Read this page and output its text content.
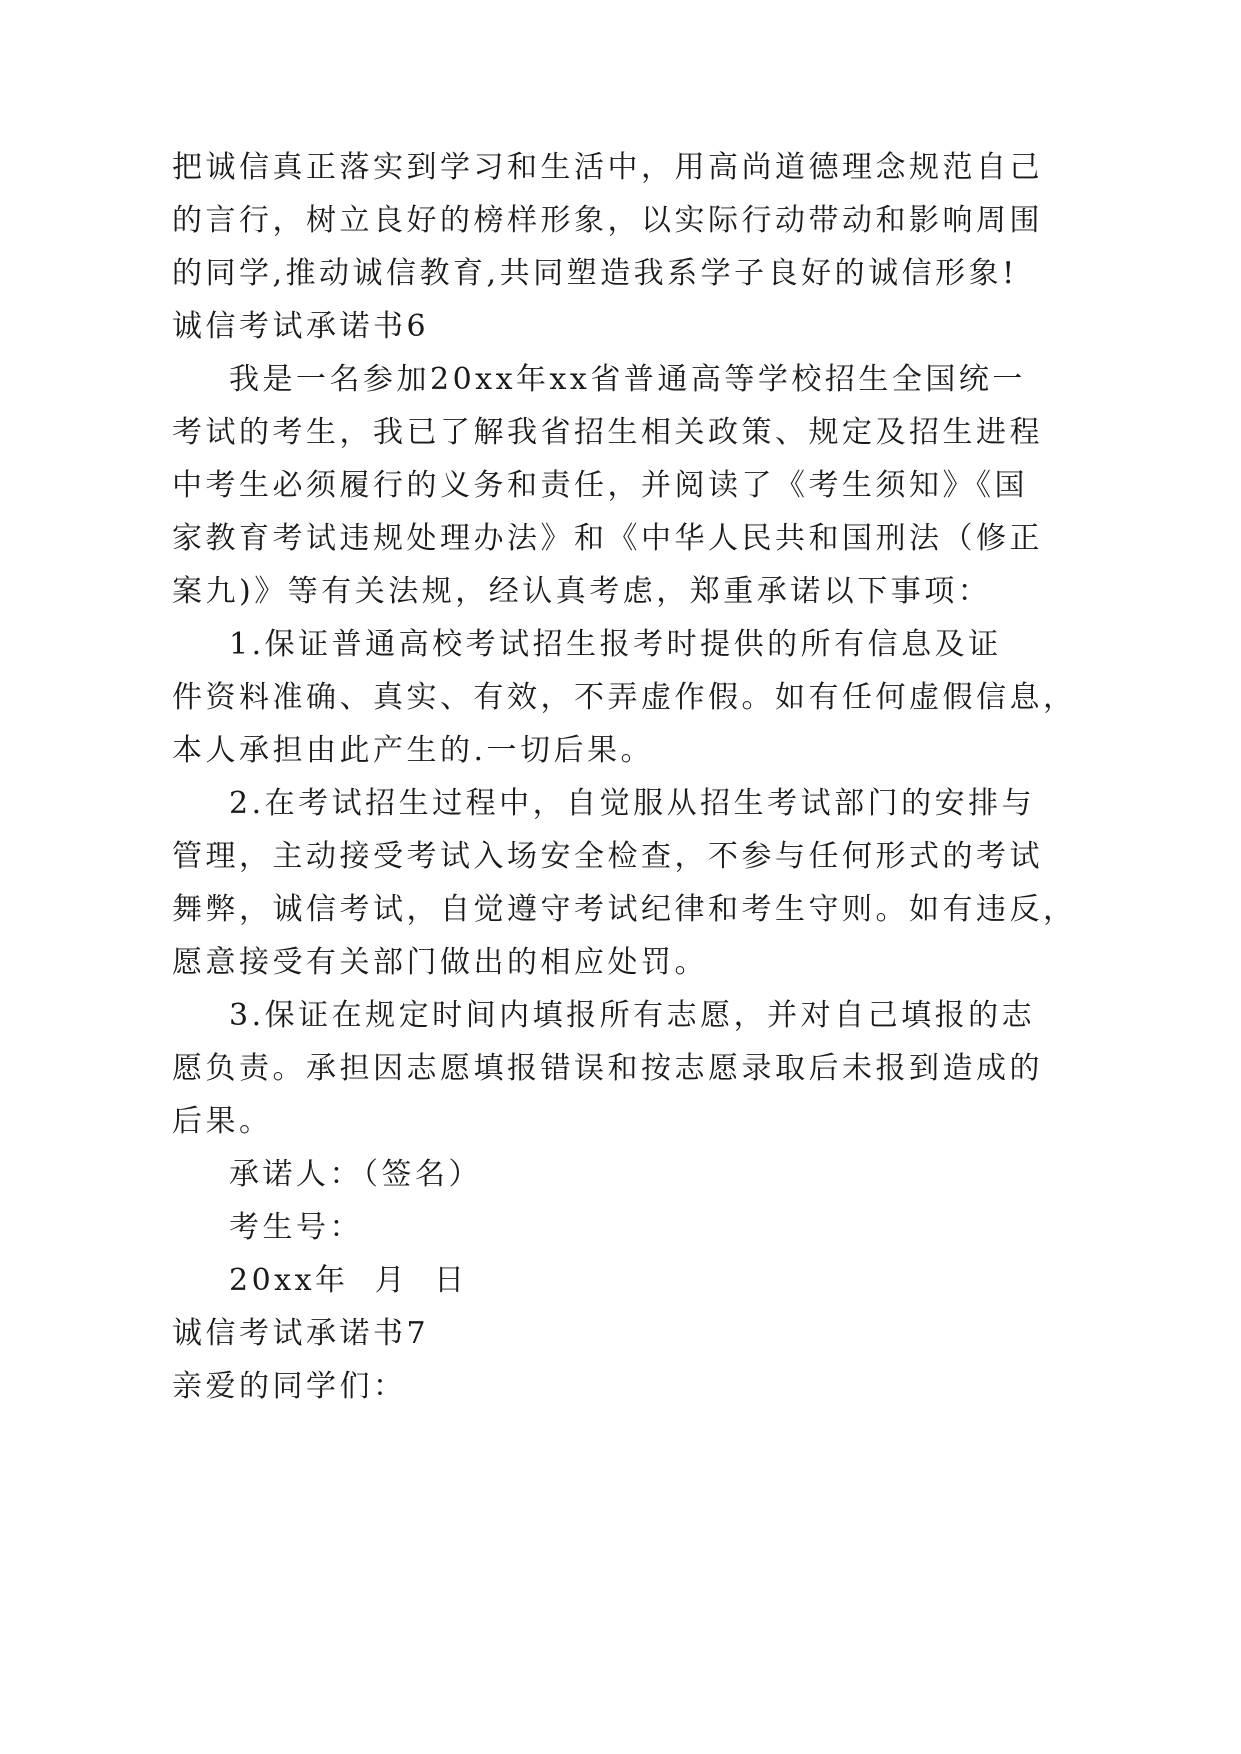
把诚信真正落实到学习和生活中，用高尚道德理念规范自己
的言行，树立良好的榜样形象，以实际行动带动和影响周围
的同学,推动诚信教育,共同塑造我系学子良好的诚信形象!
诚信考试承诺书6
我是一名参加20xx年xx省普通高等学校招生全国统一
考试的考生，我已了解我省招生相关政策、规定及招生进程
中考生必须履行的义务和责任，并阅读了《考生须知》《国
家教育考试违规处理办法》和《中华人民共和国刑法（修正
案九)》等有关法规，经认真考虑，郑重承诺以下事项：
1.保证普通高校考试招生报考时提供的所有信息及证
件资料准确、真实、有效，不弄虚作假。如有任何虚假信息，
本人承担由此产生的.一切后果。
2.在考试招生过程中，自觉服从招生考试部门的安排与
管理，主动接受考试入场安全检查，不参与任何形式的考试
舞弊，诚信考试，自觉遵守考试纪律和考生守则。如有违反，
愿意接受有关部门做出的相应处罚。
3.保证在规定时间内填报所有志愿，并对自己填报的志
愿负责。承担因志愿填报错误和按志愿录取后未报到造成的
后果。
承诺人：（签名）
考生号：
20xx年  月  日
诚信考试承诺书7
亲爱的同学们：
